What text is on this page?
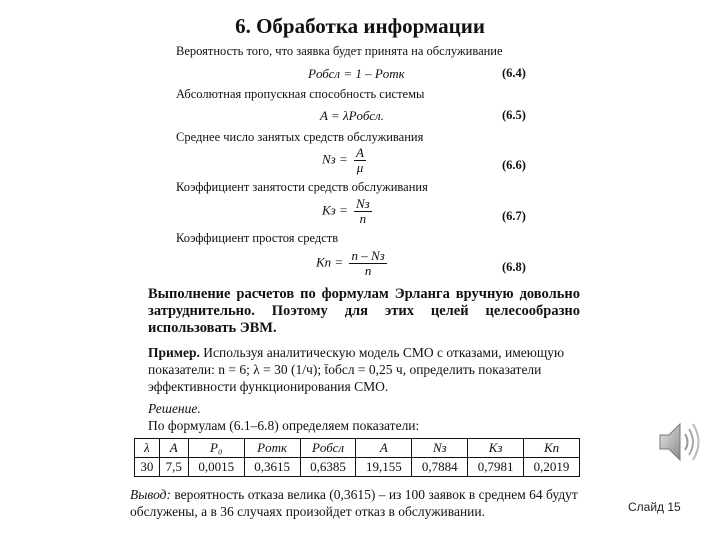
6. Обработка информации
Вероятность того, что заявка будет принята на обслуживание
Pобсл = 1 – Pотк	(6.4)
Абсолютная пропускная способность системы
A = λPобсл.	(6.5)
Среднее число занятых средств обслуживания
Nз = $\frac{A}{\mu}$	(6.6)
Коэффициент занятости средств обслуживания
Kз = $\frac{Nз}{n}$	(6.7)
Коэффициент простоя средств
Kп = $\frac{n - Nз}{n}$	(6.8)
Выполнение расчетов по формулам Эрланга вручную довольно затруднительно. Поэтому для этих целей целесообразно использовать ЭВМ.
Пример. Используя аналитическую модель СМО с отказами, имеющую показатели: n = 6; λ = 30 (1/ч); t̄обсл = 0,25 ч, определить показатели эффективности функционирования СМО.
Решение.
По формулам (6.1–6.8) определяем показатели:
λ	A	P₀	Pотк	Pобсл	A	Nз	Kз	Kп
30	7,5	0,0015	0,3615	0,6385	19,155	0,7884	0,7981	0,2019
Вывод: вероятность отказа велика (0,3615) – из 100 заявок в среднем 64 будут обслужены, а в 36 случаях произойдет отказ в обслуживании.	Слайд 15
